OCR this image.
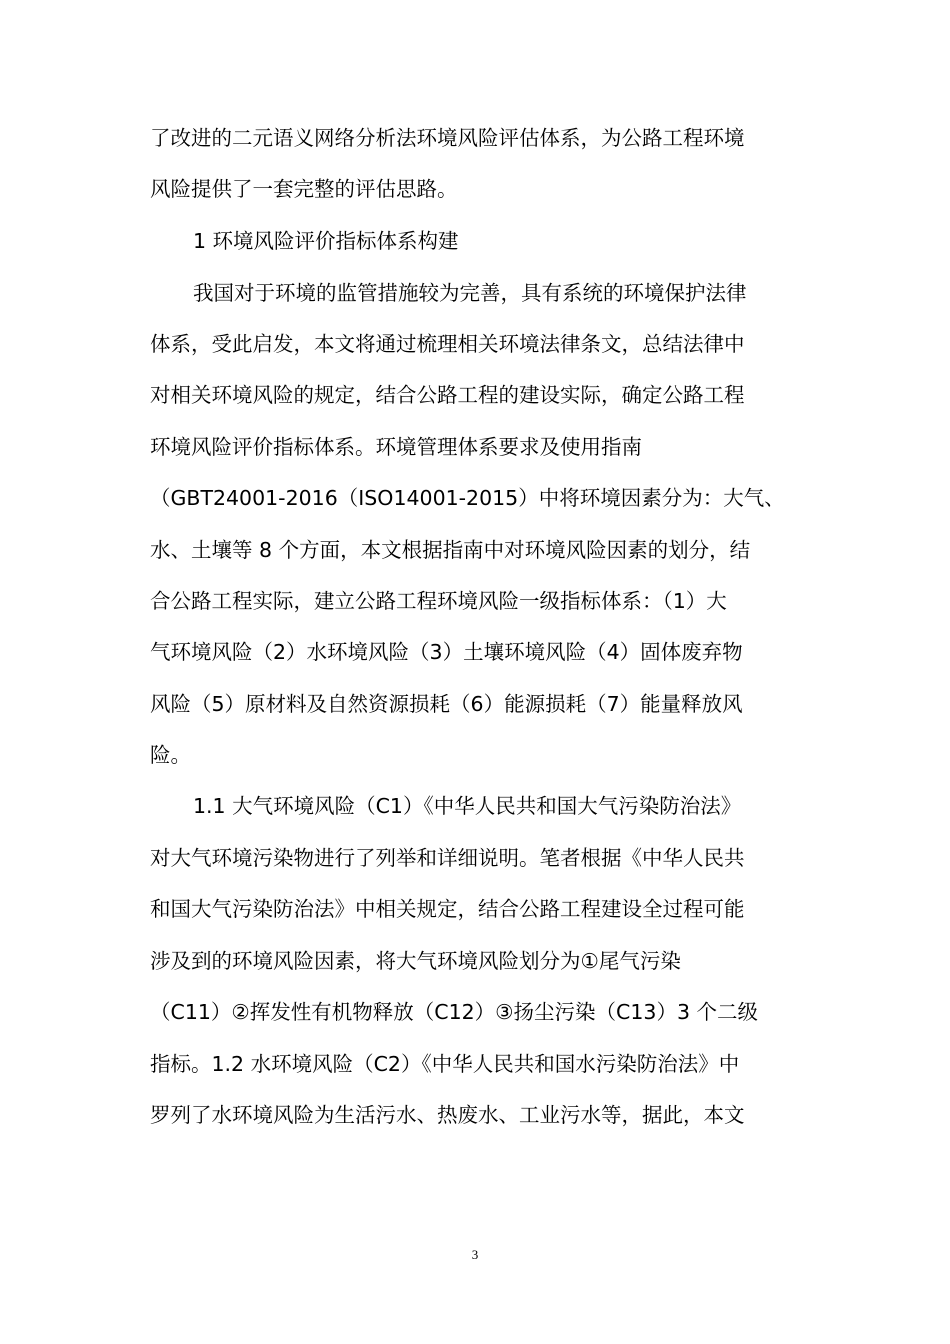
了改进的二元语义网络分析法环境风险评估体系，为公路工程环境
风险提供了一套完整的评估思路。
1 环境风险评价指标体系构建
我国对于环境的监管措施较为完善，具有系统的环境保护法律
体系，受此启发，本文将通过梳理相关环境法律条文，总结法律中
对相关环境风险的规定，结合公路工程的建设实际，确定公路工程
环境风险评价指标体系。环境管理体系要求及使用指南
（GBT24001-2016（ISO14001-2015）中将环境因素分为：大气、
水、土壤等 8 个方面，本文根据指南中对环境风险因素的划分，结
合公路工程实际，建立公路工程环境风险一级指标体系：（1）大
气环境风险（2）水环境风险（3）土壤环境风险（4）固体废弃物
风险（5）原材料及自然资源损耗（6）能源损耗（7）能量释放风
险。
1.1 大气环境风险（C1）《中华人民共和国大气污染防治法》
对大气环境污染物进行了列举和详细说明。笔者根据《中华人民共
和国大气污染防治法》中相关规定，结合公路工程建设全过程可能
涉及到的环境风险因素，将大气环境风险划分为①尾气污染
（C11）②挥发性有机物释放（C12）③扬尘污染（C13）3 个二级
指标。1.2 水环境风险（C2）《中华人民共和国水污染防治法》中
罗列了水环境风险为生活污水、热废水、工业污水等，据此，本文
3
